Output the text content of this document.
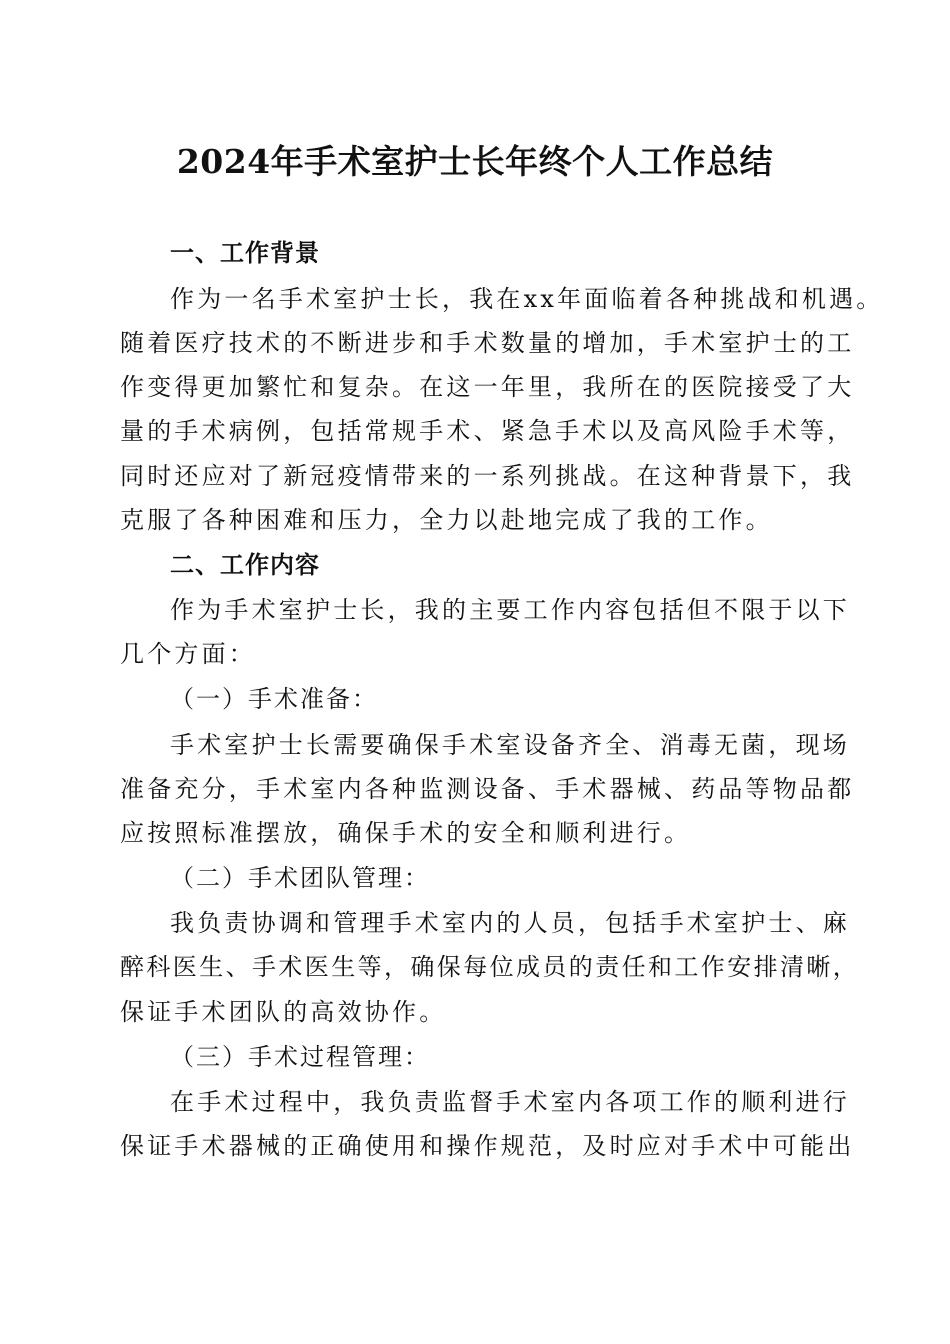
2024年手术室护士长年终个人工作总结
一、工作背景
作为一名手术室护士长，我在xx年面临着各种挑战和机遇。
随着医疗技术的不断进步和手术数量的增加，手术室护士的工
作变得更加繁忙和复杂。在这一年里，我所在的医院接受了大
量的手术病例，包括常规手术、紧急手术以及高风险手术等，
同时还应对了新冠疫情带来的一系列挑战。在这种背景下，我
克服了各种困难和压力，全力以赴地完成了我的工作。
二、工作内容
作为手术室护士长，我的主要工作内容包括但不限于以下
几个方面：
（一）手术准备：
手术室护士长需要确保手术室设备齐全、消毒无菌，现场
准备充分，手术室内各种监测设备、手术器械、药品等物品都
应按照标准摆放，确保手术的安全和顺利进行。
（二）手术团队管理：
我负责协调和管理手术室内的人员，包括手术室护士、麻
醉科医生、手术医生等，确保每位成员的责任和工作安排清晰，
保证手术团队的高效协作。
（三）手术过程管理：
在手术过程中，我负责监督手术室内各项工作的顺利进行
保证手术器械的正确使用和操作规范，及时应对手术中可能出
